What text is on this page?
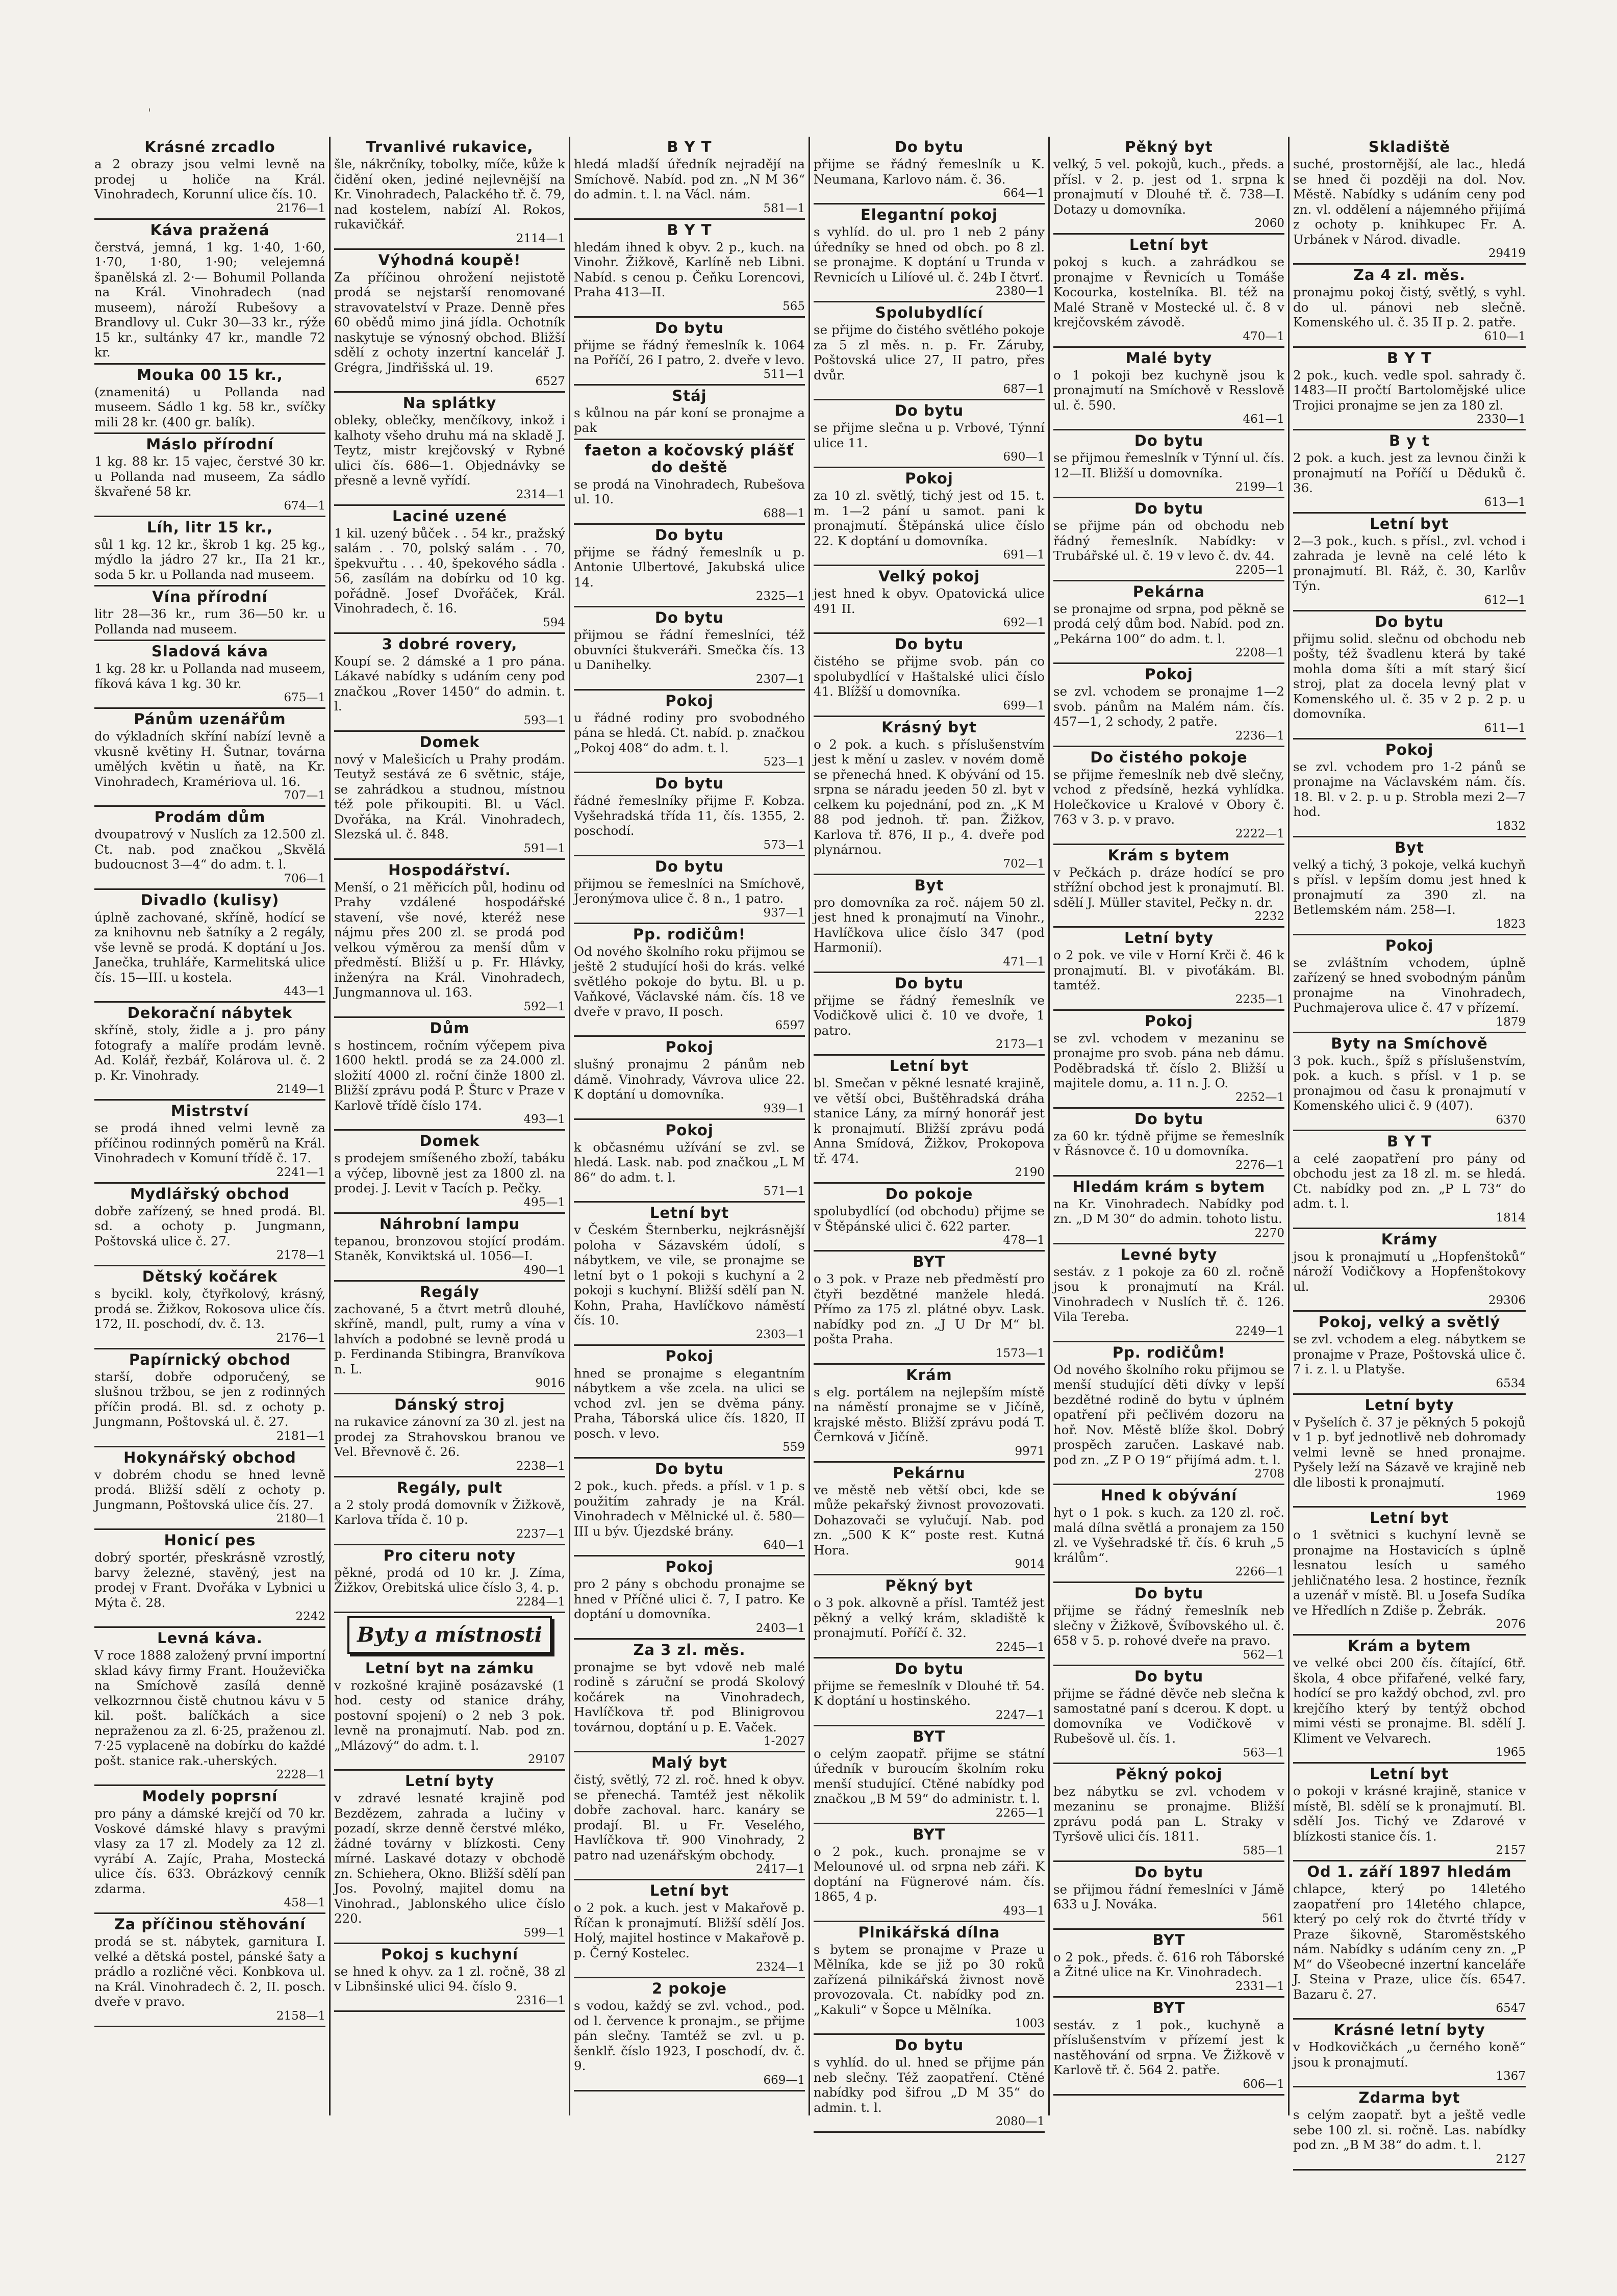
'
Krásné zrcadlo

a 2 obrazy jsou velmi levně na prodej u holiče na Král. Vinohradech, Korunní ulice čís. 10.

2176—1
Káva pražená

čerstvá, jemná, 1 kg. 1·40, 1·60, 1·70, 1·80, 1·90; velejemná španělská zl. 2·— Bohumil Pollanda na Král. Vinohradech (nad museem), nároží Rubešovy a Brandlovy ul. Cukr 30—33 kr., rýže 15 kr., sultánky 47 kr., mandle 72 kr.

Mouka 00 15 kr.,

(znamenitá) u Pollanda nad museem. Sádlo 1 kg. 58 kr., svíčky mili 28 kr. (400 gr. balík).

Máslo přírodní

1 kg. 88 kr. 15 vajec, čerstvé 30 kr. u Pollanda nad museem, Za sádlo škvařené 58 kr.

674—1
Líh, litr 15 kr.,

sůl 1 kg. 12 kr., škrob 1 kg. 25 kg., mýdlo la jádro 27 kr., IIa 21 kr., soda 5 kr. u Pollanda nad museem.

Vína přírodní

litr 28—36 kr., rum 36—50 kr. u Pollanda nad museem.

Sladová káva

1 kg. 28 kr. u Pollanda nad museem, fíková káva 1 kg. 30 kr.

675—1
Pánům uzenářům

do výkladních skříní nabízí levně a vkusně květiny H. Šutnar, továrna umělých květin u ňatě, na Kr. Vinohradech, Kramériova ul. 16.

707—1
Prodám dům

dvoupatrový v Nuslích za 12.500 zl. Ct. nab. pod značkou „Skvělá budoucnost 3—4“ do adm. t. l.

706—1
Divadlo (kulisy)

úplně zachované, skříně, hodící se za knihovnu neb šatníky a 2 regály, vše levně se prodá. K doptání u Jos. Janečka, truhláře, Karmelitská ulice čís. 15—III. u kostela.

443—1
Dekorační nábytek

skříně, stoly, židle a j. pro pány fotografy a malíře prodám levně. Ad. Kolář, řezbář, Kolárova ul. č. 2 p. Kr. Vinohrady.

2149—1
Mistrství

se prodá ihned velmi levně za příčinou rodinných poměrů na Král. Vinohradech v Komuní třídě č. 17.

2241—1
Mydlářský obchod

dobře zařízený, se hned prodá. Bl. sd. a ochoty p. Jungmann, Poštovská ulice č. 27.

2178—1
Dětský kočárek

s bycikl. koly, čtyřkolový, krásný, prodá se. Žižkov, Rokosova ulice čís. 172, II. poschodí, dv. č. 13.

2176—1
Papírnický obchod

starší, dobře odporučený, se slušnou tržbou, se jen z rodinných příčin prodá. Bl. sd. z ochoty p. Jungmann, Poštovská ul. č. 27.

2181—1
Hokynářský obchod

v dobrém chodu se hned levně prodá. Bližší sdělí z ochoty p. Jungmann, Poštovská ulice čís. 27.

2180—1
Honicí pes

dobrý sportér, přeskrásně vzrostlý, barvy železné, stavěný, jest na prodej v Frant. Dvořáka v Lybnici u Mýta č. 28.

2242
Levná káva.

V roce 1888 založený první importní sklad kávy firmy Frant. Houževička na Smíchově zasílá denně velkozrnnou čistě chutnou kávu v 5 kil. pošt. balíčkách a sice nepraženou za zl. 6·25, praženou zl. 7·25 vyplaceně na dobírku do každé pošt. stanice rak.-uherských.

2228—1
Modely poprsní

pro pány a dámské krejčí od 70 kr. Voskové dámské hlavy s pravými vlasy za 17 zl. Modely za 12 zl. vyrábí A. Zajíc, Praha, Mostecká ulice čís. 633. Obrázkový cenník zdarma.

458—1
Za příčinou stěhování

prodá se st. nábytek, garnitura I. velké a dětská postel, pánské šaty a prádlo a rozličné věci. Konbkova ul. na Král. Vinohradech č. 2, II. posch. dveře v pravo.

2158—1
Trvanlivé rukavice,

šle, nákrčníky, tobolky, míče, kůže k čidění oken, jediné nejlevnější na Kr. Vinohradech, Palackého tř. č. 79, nad kostelem, nabízí Al. Rokos, rukavičkář.

2114—1
Výhodná koupě!

Za příčinou ohrožení nejistotě prodá se nejstarší renomované stravovatelství v Praze. Denně přes 60 obědů mimo jiná jídla. Ochotník naskytuje se výnosný obchod. Bližší sdělí z ochoty inzertní kancelář J. Grégra, Jindřišská ul. 19.

6527
Na splátky

obleky, oblečky, menčíkovy, inkož i kalhoty všeho druhu má na skladě J. Teytz, mistr krejčovský v Rybné ulici čís. 686—1. Objednávky se přesně a levně vyřídí.

2314—1
Laciné uzené

1 kil. uzený bůček . . 54 kr., pražský salám . . 70, polský salám . . 70, špekvuřtu . . . 40, špekového sádla . 56, zasílám na dobírku od 10 kg. pořádně. Josef Dvořáček, Král. Vinohradech, č. 16.

594
3 dobré rovery,

Koupí se. 2 dámské a 1 pro pána. Lákavé nabídky s udáním ceny pod značkou „Rover 1450“ do admin. t. l.

593—1
Domek

nový v Malešicích u Prahy prodám. Teutyž sestává ze 6 světnic, stáje, se zahrádkou a studnou, místnou též pole přikoupiti. Bl. u Václ. Dvořáka, na Král. Vinohradech, Slezská ul. č. 848.

591—1
Hospodářství.

Menší, o 21 měřicích půl, hodinu od Prahy vzdálené hospodářské stavení, vše nové, kteréž nese nájmu přes 200 zl. se prodá pod velkou výměrou za menší dům v předměstí. Bližší u p. Fr. Hlávky, inženýra na Král. Vinohradech, Jungmannova ul. 163.

592—1
Dům

s hostincem, ročním výčepem piva 1600 hektl. prodá se za 24.000 zl. složití 4000 zl. roční činže 1800 zl. Bližší zprávu podá P. Šturc v Praze v Karlově třídě číslo 174.

493—1
Domek

s prodejem smíšeného zboží, tabáku a výčep, libovně jest za 1800 zl. na prodej. J. Levit v Tacích p. Pečky.

495—1
Náhrobní lampu

tepanou, bronzovou stojící prodám. Staněk, Konviktská ul. 1056—I.

490—1
Regály

zachované, 5 a čtvrt metrů dlouhé, skříně, mandl, pult, rumy a vína v lahvích a podobné se levně prodá u p. Ferdinanda Stibingra, Branvíkova n. L.

9016
Dánský stroj

na rukavice zánovní za 30 zl. jest na prodej za Strahovskou branou ve Vel. Břevnově č. 26.

2238—1
Regály, pult

a 2 stoly prodá domovník v Žižkově, Karlova třída č. 10 p.

2237—1
Pro citeru noty

pěkné, prodá od 10 kr. J. Zíma, Žižkov, Orebitská ulice číslo 3, 4. p.

2284—1
Byty a místnosti
Letní byt na zámku

v rozkošné krajině posázavské (1 hod. cesty od stanice dráhy, postovní spojení) o 2 neb 3 pok. levně na pronajmutí. Nab. pod zn. „Mlázový“ do adm. t. l.

29107
Letní byty

v zdravé lesnaté krajině pod Bezdězem, zahrada a lučiny v pozadí, skrze denně čerstvé mléko, žádné továrny v blízkosti. Ceny mírné. Laskavé dotazy v obchodě zn. Schiehera, Okno. Bližší sdělí pan Jos. Povolný, majitel domu na Vinohrad., Jablonského ulice číslo 220.

599—1
Pokoj s kuchyní

se hned k ohyv. za 1 zl. ročně, 38 zl v Libnšinské ulici 94. číslo 9.

2316—1
B Y T

hledá mladší úředník nejradějí na Smíchově. Nabíd. pod zn. „N M 36“ do admin. t. l. na Václ. nám.

581—1
B Y T

hledám ihned k obyv. 2 p., kuch. na Vinohr. Žižkově, Karlíně neb Libni. Nabíd. s cenou p. Čeňku Lorencovi, Praha 413—II.

565
Do bytu

přijme se řádný řemeslník k. 1064 na Poříčí, 26 I patro, 2. dveře v levo.

511—1
Stáj

s kůlnou na pár koní se pronajme a pak

faeton a kočovský plášť do deště

se prodá na Vinohradech, Rubešova ul. 10.

688—1
Do bytu

přijme se řádný řemeslník u p. Antonie Ulbertové, Jakubská ulice 14.

2325—1
Do bytu

přijmou se řádní řemeslníci, též obuvníci štukveráři. Smečka čís. 13 u Danihelky.

2307—1
Pokoj

u řádné rodiny pro svobodného pána se hledá. Ct. nabíd. p. značkou „Pokoj 408“ do adm. t. l.

523—1
Do bytu

řádné řemeslníky přijme F. Kobza. Vyšehradská třída 11, čís. 1355, 2. poschodí.

573—1
Do bytu

přijmou se řemeslníci na Smíchově, Jeronýmova ulice č. 8 n., 1 patro.

937—1
Pp. rodičům!

Od nového školního roku přijmou se ještě 2 studující hoši do krás. velké světlého pokoje do bytu. Bl. u p. Vaňkové, Václavské nám. čís. 18 ve dveře v pravo, II posch.

6597
Pokoj

slušný pronajmu 2 pánům neb dámě. Vinohrady, Vávrova ulice 22. K doptání u domovníka.

939—1
Pokoj

k občasnému užívání se zvl. se hledá. Lask. nab. pod značkou „L M 86“ do adm. t. l.

571—1
Letní byt

v Českém Šternberku, nejkrásnější poloha v Sázavském údolí, s nábytkem, ve vile, se pronajme se letní byt o 1 pokoji s kuchyní a 2 pokoji s kuchyní. Bližší sdělí pan N. Kohn, Praha, Havlíčkovo náměstí čís. 10.

2303—1
Pokoj

hned se pronajme s elegantním nábytkem a vše zcela. na ulici se vchod zvl. jen se dvěma pány. Praha, Táborská ulice čís. 1820, II posch. v levo.

559
Do bytu

2 pok., kuch. předs. a přísl. v 1 p. s použitím zahrady je na Král. Vinohradech v Mělnické ul. č. 580—III u býv. Újezdské brány.

640—1
Pokoj

pro 2 pány s obchodu pronajme se hned v Příčné ulici č. 7, I patro. Ke doptání u domovníka.

2403—1
Za 3 zl. měs.

pronajme se byt vdově neb malé rodině s záruční se prodá Skolový kočárek na Vinohradech, Havlíčkova tř. pod Blinigrovou továrnou, doptání u p. E. Vaček.

1-2027
Malý byt

čistý, světlý, 72 zl. roč. hned k obyv. se přenechá. Tamtéž jest několik dobře zachoval. harc. kanáry se prodají. Bl. u Fr. Veselého, Havlíčkova tř. 900 Vinohrady, 2 patro nad uzenářským obchody.

2417—1
Letní byt

o 2 pok. a kuch. jest v Makařově p. Říčan k pronajmutí. Bližší sdělí Jos. Holý, majitel hostince v Makařově p. p. Černý Kostelec.

2324—1
2 pokoje

s vodou, každý se zvl. vchod., pod. od l. července k pronajm., se přijme pán slečny. Tamtéž se zvl. u p. šenklř. číslo 1923, I poschodí, dv. č. 9.

669—1
Do bytu

přijme se řádný řemeslník u K. Neumana, Karlovo nám. č. 36.

664—1
Elegantní pokoj

s vyhlíd. do ul. pro 1 neb 2 pány úředníky se hned od obch. po 8 zl. se pronajme. K doptání u Trunda v Revnicích u Lilíové ul. č. 24b I čtvrť.

2380—1
Spolubydlící

se přijme do čistého světlého pokoje za 5 zl měs. n. p. Fr. Záruby, Poštovská ulice 27, II patro, přes dvůr.

687—1
Do bytu

se přijme slečna u p. Vrbové, Týnní ulice 11.

690—1
Pokoj

za 10 zl. světlý, tichý jest od 15. t. m. 1—2 pání u samot. pani k pronajmutí. Štěpánská ulice číslo 22. K doptání u domovníka.

691—1
Velký pokoj

jest hned k obyv. Opatovická ulice 491 II.

692—1
Do bytu

čistého se přijme svob. pán co spolubydlící v Haštalské ulici číslo 41. Blížší u domovníka.

699—1
Krásný byt

o 2 pok. a kuch. s příslušenstvím jest k mění u zaslev. v novém domě se přenechá hned. K obývání od 15. srpna se náradu jeeden 50 zl. byt v celkem ku pojednání, pod zn. „K M 88 pod jednoh. tř. pan. Žižkov, Karlova tř. 876, II p., 4. dveře pod plynárnou.

702—1
Byt

pro domovníka za roč. nájem 50 zl. jest hned k pronajmutí na Vinohr., Havlíčkova ulice číslo 347 (pod Harmonií).

471—1
Do bytu

přijme se řádný řemeslník ve Vodičkově ulici č. 10 ve dvoře, 1 patro.

2173—1
Letní byt

bl. Smečan v pěkné lesnaté krajině, ve větší obci, Buštěhradská dráha stanice Lány, za mírný honorář jest k pronajmutí. Bližší zprávu podá Anna Smídová, Žižkov, Prokopova tř. 474.

2190
Do pokoje

spolubydlící (od obchodu) přijme se v Štěpánské ulici č. 622 parter.

478—1
BYT

o 3 pok. v Praze neb předměstí pro čtyři bezdětné manžele hledá. Přímo za 175 zl. plátné obyv. Lask. nabídky pod zn. „J U Dr M“ bl. pošta Praha.

1573—1
Krám

s elg. portálem na nejlepším místě na náměstí pronajme se v Jičíně, krajské město. Bližší zprávu podá T. Černková v Jičíně.

9971
Pekárnu

ve městě neb větší obci, kde se může pekařský živnost provozovati. Dohazovači se vylučují. Nab. pod zn. „500 K K“ poste rest. Kutná Hora.

9014
Pěkný byt

o 3 pok. alkovně a přísl. Tamtéž jest pěkný a velký krám, skladiště k pronajmutí. Poříčí č. 32.

2245—1
Do bytu

přijme se řemeslník v Dlouhé tř. 54. K doptání u hostinského.

2247—1
BYT

o celým zaopatř. přijme se státní úředník v buroucím školním roku menší studující. Ctěné nabídky pod značkou „B M 59“ do administr. t. l.

2265—1
BYT

o 2 pok., kuch. pronajme se v Melounové ul. od srpna neb záři. K doptání na Fügnerové nám. čís. 1865, 4 p.

493—1
Plnikářská dílna

s bytem se pronajme v Praze u Mělníka, kde se již po 30 roků zařízená pilnikářská živnost nově provozovala. Ct. nabídky pod zn. „Kakuli“ v Šopce u Mělníka.

1003
Do bytu

s vyhlíd. do ul. hned se přijme pán neb slečny. Též zaopatření. Ctěné nabídky pod šifrou „D M 35“ do admin. t. l.

2080—1
Pěkný byt

velký, 5 vel. pokojů, kuch., předs. a přísl. v 2. p. jest od 1. srpna k pronajmutí v Dlouhé tř. č. 738—I. Dotazy u domovníka.

2060
Letní byt

pokoj s kuch. a zahrádkou se pronajme v Řevnicích u Tomáše Kocourka, kostelníka. Bl. též na Malé Straně v Mostecké ul. č. 8 v krejčovském závodě.

470—1
Malé byty

o 1 pokoji bez kuchyně jsou k pronajmutí na Smíchově v Resslově ul. č. 590.

461—1
Do bytu

se přijmou řemeslník v Týnní ul. čís. 12—II. Bližší u domovníka.

2199—1
Do bytu

se přijme pán od obchodu neb řádný řemeslník. Nabídky: v Trubářské ul. č. 19 v levo č. dv. 44.

2205—1
Pekárna

se pronajme od srpna, pod pěkně se prodá celý dům bod. Nabíd. pod zn. „Pekárna 100“ do adm. t. l.

2208—1
Pokoj

se zvl. vchodem se pronajme 1—2 svob. pánům na Malém nám. čís. 457—1, 2 schody, 2 patře.

2236—1
Do čistého pokoje

se přijme řemeslník neb dvě slečny, vchod z předsíně, hezká vyhlídka. Holečkovice u Kralové v Obory č. 763 v 3. p. v pravo.

2222—1
Krám s bytem

v Pečkách p. dráze hodící se pro střížní obchod jest k pronajmutí. Bl. sdělí J. Müller stavitel, Pečky n. dr.

2232
Letní byty

o 2 pok. ve vile v Horní Krči č. 46 k pronajmutí. Bl. v pivoťákám. Bl. tamtéž.

2235—1
Pokoj

se zvl. vchodem v mezaninu se pronajme pro svob. pána neb dámu. Poděbradská tř. číslo 2. Bližší u majitele domu, a. 11 n. J. O.

2252—1
Do bytu

za 60 kr. týdně přijme se řemeslník v Řásnovce č. 10 u domovníka.

2276—1
Hledám krám s bytem

na Kr. Vinohradech. Nabídky pod zn. „D M 30“ do admin. tohoto listu.

2270
Levné byty

sestáv. z 1 pokoje za 60 zl. ročně jsou k pronajmutí na Král. Vinohradech v Nuslích tř. č. 126. Vila Tereba.

2249—1
Pp. rodičům!

Od nového školního roku přijmou se menší studující děti dívky v lepší bezdětné rodině do bytu v úplném opatření při pečlivém dozoru na hoř. Nov. Městě blíže škol. Dobrý prospěch zaručen. Laskavé nab. pod zn. „Z P O 19“ přijímá adm. t. l.

2708
Hned k obývání

hyt o 1 pok. s kuch. za 120 zl. roč. malá dílna světlá a pronajem za 150 zl. ve Vyšehradské tř. čís. 6 kruh „5 králům“.

2266—1
Do bytu

přijme se řádný řemeslník neb slečny v Žižkově, Švíbovského ul. č. 658 v 5. p. rohové dveře na pravo.

562—1
Do bytu

přijme se řádné děvče neb slečna k samostatné paní s dcerou. K dopt. u domovníka ve Vodičkově v Rubešově ul. čís. 1.

563—1
Pěkný pokoj

bez nábytku se zvl. vchodem v mezaninu se pronajme. Bližší zprávu podá pan L. Straky v Tyršově ulici čís. 1811.

585—1
Do bytu

se přijmou řádní řemeslníci v Jámě 633 u J. Nováka.

561
BYT

o 2 pok., předs. č. 616 roh Táborské a Žitné ulice na Kr. Vinohradech.

2331—1
BYT

sestáv. z 1 pok., kuchyně a příslušenstvím v přízemí jest k nastěhování od srpna. Ve Žižkově v Karlově tř. č. 564 2. patře.

606—1
Skladiště

suché, prostornější, ale lac., hledá se hned či později na dol. Nov. Městě. Nabídky s udáním ceny pod zn. vl. oddělení a nájemného přijímá z ochoty p. knihkupec Fr. A. Urbánek v Národ. divadle.

29419
Za 4 zl. měs.

pronajmu pokoj čistý, světlý, s vyhl. do ul. pánovi neb slečně. Komenského ul. č. 35 II p. 2. patře.

610—1
B Y T

2 pok., kuch. vedle spol. sahrady č. 1483—II pročtí Bartolomějské ulice Trojici pronajme se jen za 180 zl.

2330—1
B y t

2 pok. a kuch. jest za levnou činži k pronajmutí na Poříčí u Děduků č. 36.

613—1
Letní byt

2—3 pok., kuch. s přísl., zvl. vchod i zahrada je levně na celé léto k pronajmutí. Bl. Ráž, č. 30, Karlův Týn.

612—1
Do bytu

přijmu solid. slečnu od obchodu neb pošty, též švadlenu která by také mohla doma šíti a mít starý šicí stroj, plat za docela levný plat v Komenského ul. č. 35 v 2 p. 2 p. u domovníka.

611—1
Pokoj

se zvl. vchodem pro 1-2 pánů se pronajme na Václavském nám. čís. 18. Bl. v 2. p. u p. Strobla mezi 2—7 hod.

1832
Byt

velký a tichý, 3 pokoje, velká kuchyň s přísl. v lepším domu jest hned k pronajmutí za 390 zl. na Betlemském nám. 258—I.

1823
Pokoj

se zvláštním vchodem, úplně zařízený se hned svobodným pánům pronajme na Vinohradech, Puchmajerova ulice č. 47 v přízemí.

1879
Byty na Smíchově

3 pok. kuch., špíž s příslušenstvím, pok. a kuch. s přísl. v 1 p. se pronajmou od času k pronajmutí v Komenského ulici č. 9 (407).

6370
B Y T

a celé zaopatření pro pány od obchodu jest za 18 zl. m. se hledá. Ct. nabídky pod zn. „P L 73“ do adm. t. l.

1814
Krámy

jsou k pronajmutí u „Hopfenštoků“ nároží Vodičkovy a Hopfenštokovy ul.

29306
Pokoj, velký a světlý

se zvl. vchodem a eleg. nábytkem se pronajme v Praze, Poštovská ulice č. 7 i. z. l. u Platyše.

6534
Letní byty

v Pyšelích č. 37 je pěkných 5 pokojů v 1 p. byť jednotlivě neb dohromady velmi levně se hned pronajme. Pyšely leží na Sázavě ve krajině neb dle libosti k pronajmutí.

1969
Letní byt

o 1 světnici s kuchyní levně se pronajme na Hostavicích s úplně lesnatou lesích u samého jehličnatého lesa. 2 hostince, řezník a uzenář v místě. Bl. u Josefa Sudíka ve Hředlích n Zdiše p. Žebrák.

2076
Krám a bytem

ve velké obci 200 čís. čítající, 6tř. škola, 4 obce přifařené, velké fary, hodící se pro každý obchod, zvl. pro krejčího který by tentýž obchod mimi vésti se pronajme. Bl. sdělí J. Kliment ve Velvarech.

1965
Letní byt

o pokoji v krásné krajině, stanice v místě, Bl. sdělí se k pronajmutí. Bl. sdělí Jos. Tichý ve Zdarové v blízkosti stanice čís. 1.

2157
Od 1. září 1897 hledám

chlapce, který po 14letého zaopatření pro 14letého chlapce, který po celý rok do čtvrté třídy v Praze šikovně, Staroměstského nám. Nabídky s udáním ceny zn. „P M“ do Všeobecné inzertní kanceláře J. Steina v Praze, ulice čís. 6547. Bazaru č. 27.

6547
Krásné letní byty

v Hodkovičkách „u černého koně“ jsou k pronajmutí.

1367
Zdarma byt

s celým zaopatř. byt a ještě vedle sebe 100 zl. si. ročně. Las. nabídky pod zn. „B M 38“ do adm. t. l.

2127
